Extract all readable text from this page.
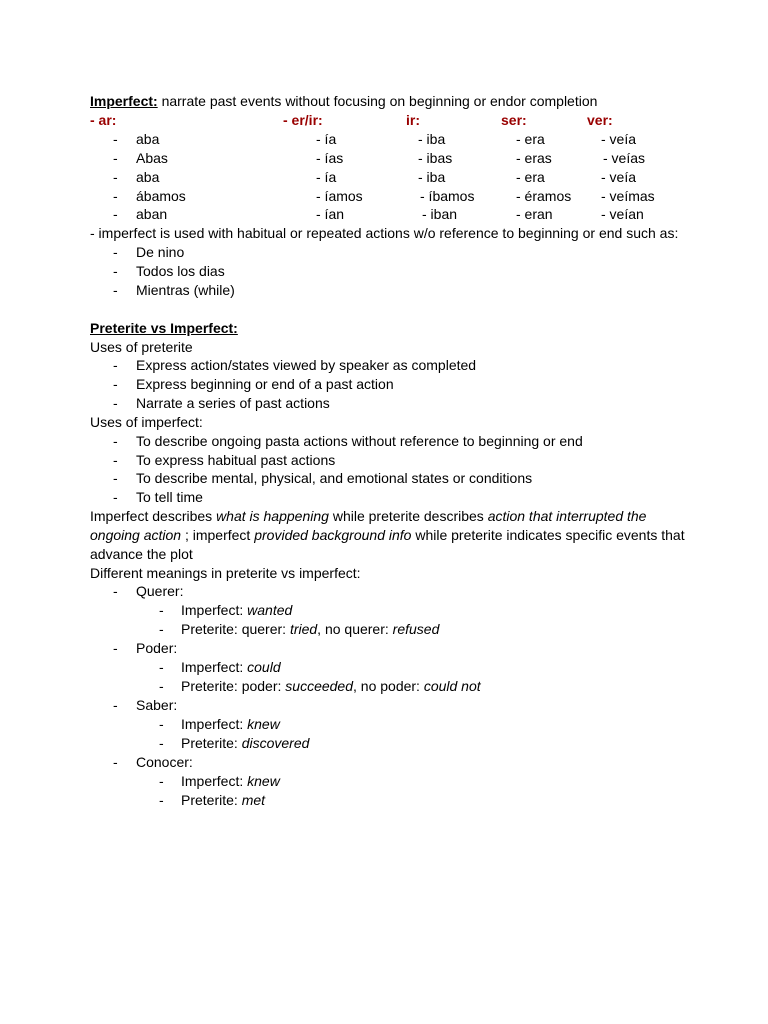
Imperfect: narrate past events without focusing on beginning or endor completion
- ar:	- er/ir:	ir:	ser:	ver:
- aba	- ía	- iba	- era	- veía
- Abas	- ías	- ibas	- eras	- veías
- aba	- ía	- iba	- era	- veía
- ábamos	- íamos	- íbamos	- éramos - veímas
- aban	- ían	- iban	- eran	- veían
- imperfect is used with habitual or repeated actions w/o reference to beginning or end such as:
- De nino
- Todos los dias
- Mientras (while)
Preterite vs Imperfect:
Uses of preterite
- Express action/states viewed by speaker as completed
- Express beginning or end of a past action
- Narrate a series of past actions
Uses of imperfect:
- To describe ongoing pasta actions without reference to beginning or end
- To express habitual past actions
- To describe mental, physical, and emotional states or conditions
- To tell time
Imperfect describes what is happening while preterite describes action that interrupted the
ongoing action ; imperfect provided background info while preterite indicates specific events that
advance the plot
Different meanings in preterite vs imperfect:
- Querer:
- Imperfect: wanted
- Preterite: querer: tried, no querer: refused
- Poder:
- Imperfect: could
- Preterite: poder: succeeded, no poder: could not
- Saber:
- Imperfect: knew
- Preterite: discovered
- Conocer:
- Imperfect: knew
- Preterite: met
